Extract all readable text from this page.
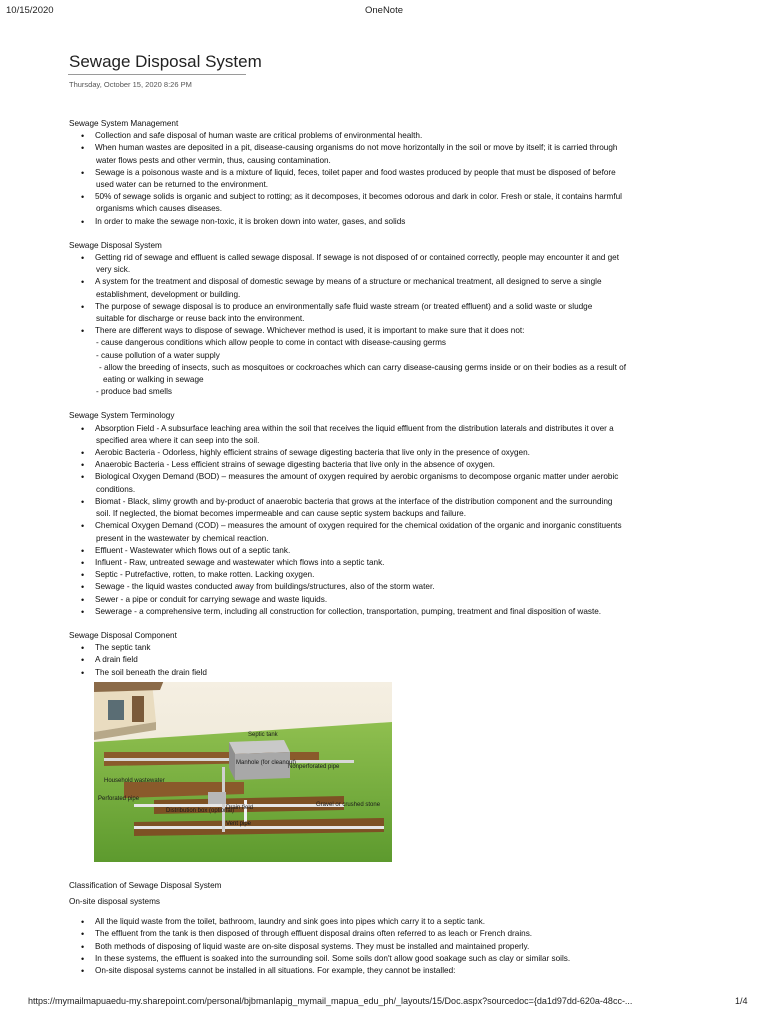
10/15/2020	OneNote
Sewage Disposal System
Thursday, October 15, 2020 8:26 PM
Sewage System Management
• Collection and safe disposal of human waste are critical problems of environmental health.
• When human wastes are deposited in a pit, disease-causing organisms do not move horizontally in the soil or move by itself; it is carried through
water flows pests and other vermin, thus, causing contamination.
• Sewage is a poisonous waste and is a mixture of liquid, feces, toilet paper and food wastes produced by people that must be disposed of before
used water can be returned to the environment.
• 50% of sewage solids is organic and subject to rotting; as it decomposes, it becomes odorous and dark in color. Fresh or stale, it contains harmful
organisms which causes diseases.
• In order to make the sewage non-toxic, it is broken down into water, gases, and solids
Sewage Disposal System
• Getting rid of sewage and effluent is called sewage disposal. If sewage is not disposed of or contained correctly, people may encounter it and get
very sick.
• A system for the treatment and disposal of domestic sewage by means of a structure or mechanical treatment, all designed to serve a single
establishment, development or building.
• The purpose of sewage disposal is to produce an environmentally safe fluid waste stream (or treated effluent) and a solid waste or sludge
suitable for discharge or reuse back into the environment.
• There are different ways to dispose of sewage. Whichever method is used, it is important to make sure that it does not:
- cause dangerous conditions which allow people to come in contact with disease-causing germs
- cause pollution of a water supply
- allow the breeding of insects, such as mosquitoes or cockroaches which can carry disease-causing germs inside or on their bodies as a result of
eating or walking in sewage
- produce bad smells
Sewage System Terminology
• Absorption Field - A subsurface leaching area within the soil that receives the liquid effluent from the distribution laterals and distributes it over a
specified area where it can seep into the soil.
• Aerobic Bacteria - Odorless, highly efficient strains of sewage digesting bacteria that live only in the presence of oxygen.
• Anaerobic Bacteria - Less efficient strains of sewage digesting bacteria that live only in the absence of oxygen.
• Biological Oxygen Demand (BOD) – measures the amount of oxygen required by aerobic organisms to decompose organic matter under aerobic
conditions.
• Biomat - Black, slimy growth and by-product of anaerobic bacteria that grows at the interface of the distribution component and the surrounding
soil. If neglected, the biomat becomes impermeable and can cause septic system backups and failure.
• Chemical Oxygen Demand (COD) – measures the amount of oxygen required for the chemical oxidation of the organic and inorganic constituents
present in the wastewater by chemical reaction.
• Effluent - Wastewater which flows out of a septic tank.
• Influent - Raw, untreated sewage and wastewater which flows into a septic tank.
• Septic - Putrefactive, rotten, to make rotten. Lacking oxygen.
• Sewage - the liquid wastes conducted away from buildings/structures, also of the storm water.
• Sewer - a pipe or conduit for carrying sewage and waste liquids.
• Sewerage - a comprehensive term, including all construction for collection, transportation, pumping, treatment and final disposition of waste.
Sewage Disposal Component
• The septic tank
• A drain field
• The soil beneath the drain field
Septic tank
Manhole (for cleanout)
Nonperforated pipe
Household wastewater
Perforated pipe
Distribution box (optional)
Drain field
Vent pipe
Gravel or crushed stone
Classification of Sewage Disposal System
On-site disposal systems
• All the liquid waste from the toilet, bathroom, laundry and sink goes into pipes which carry it to a septic tank.
• The effluent from the tank is then disposed of through effluent disposal drains often referred to as leach or French drains.
• Both methods of disposing of liquid waste are on-site disposal systems. They must be installed and maintained properly.
• In these systems, the effluent is soaked into the surrounding soil. Some soils don't allow good soakage such as clay or similar soils.
• On-site disposal systems cannot be installed in all situations. For example, they cannot be installed:
https://mymailmapuaedu-my.sharepoint.com/personal/bjbmanlapig_mymail_mapua_edu_ph/_layouts/15/Doc.aspx?sourcedoc={da1d97dd-620a-48cc-...	1/4
